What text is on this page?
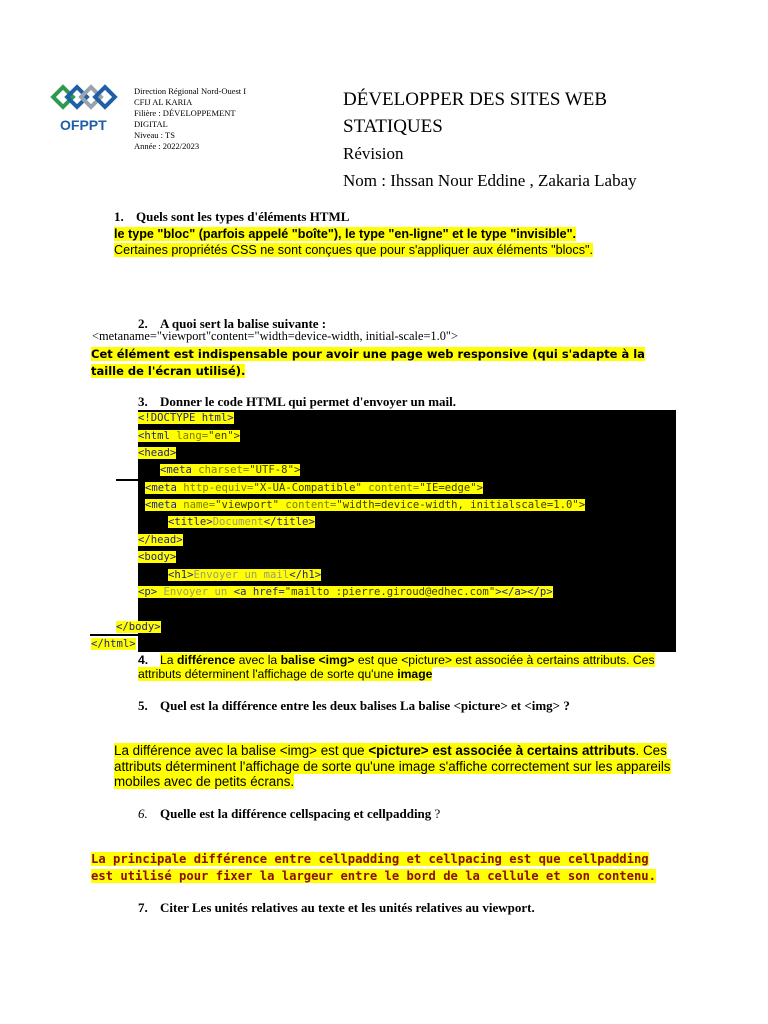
OFPPT
Direction Régional Nord-Ouest I
CFIJ AL KARIA
Filière : DÉVELOPPEMENT
DIGITAL
Niveau : TS
Année : 2022/2023
DÉVELOPPER DES SITES WEB
STATIQUES
Révision
Nom : Ihssan Nour Eddine , Zakaria Labay
1. Quels sont les types d'éléments HTML
le type "bloc" (parfois appelé "boîte"), le type "en-ligne" et le type "invisible".
Certaines propriétés CSS ne sont conçues que pour s'appliquer aux éléments "blocs".
2. A quoi sert la balise suivante :
<metaname="viewport"content="width=device-width, initial-scale=1.0">
Cet élément est indispensable pour avoir une page web responsive (qui s'adapte à la taille de l'écran utilisé).
3. Donner le code HTML qui permet d'envoyer un mail.
<!DOCTYPE html>
<html lang="en">
<head>
<meta charset="UTF-8">
<meta http-equiv="X-UA-Compatible" content="IE=edge">
<meta name="viewport" content="width=device-width, initialscale=1.0">
<title>Document</title>
</head>
<body>
<h1>Envoyer un mail</h1>
<p> Envoyer un <a href="mailto :pierre.giroud@edhec.com"></a></p>
</body>
</html>
4. La différence avec la balise <img> est que <picture> est associée à certains attributs. Ces attributs déterminent l'affichage de sorte qu'une image
5. Quel est la différence entre les deux balises La balise <picture> et <img> ?
La différence avec la balise <img> est que <picture> est associée à certains attributs. Ces attributs déterminent l'affichage de sorte qu'une image s'affiche correctement sur les appareils mobiles avec de petits écrans.
6. Quelle est la différence cellspacing et cellpadding ?
La principale différence entre cellpadding et cellpacing est que cellpadding
est utilisé pour fixer la largeur entre le bord de la cellule et son contenu.
7. Citer Les unités relatives au texte et les unités relatives au viewport.
